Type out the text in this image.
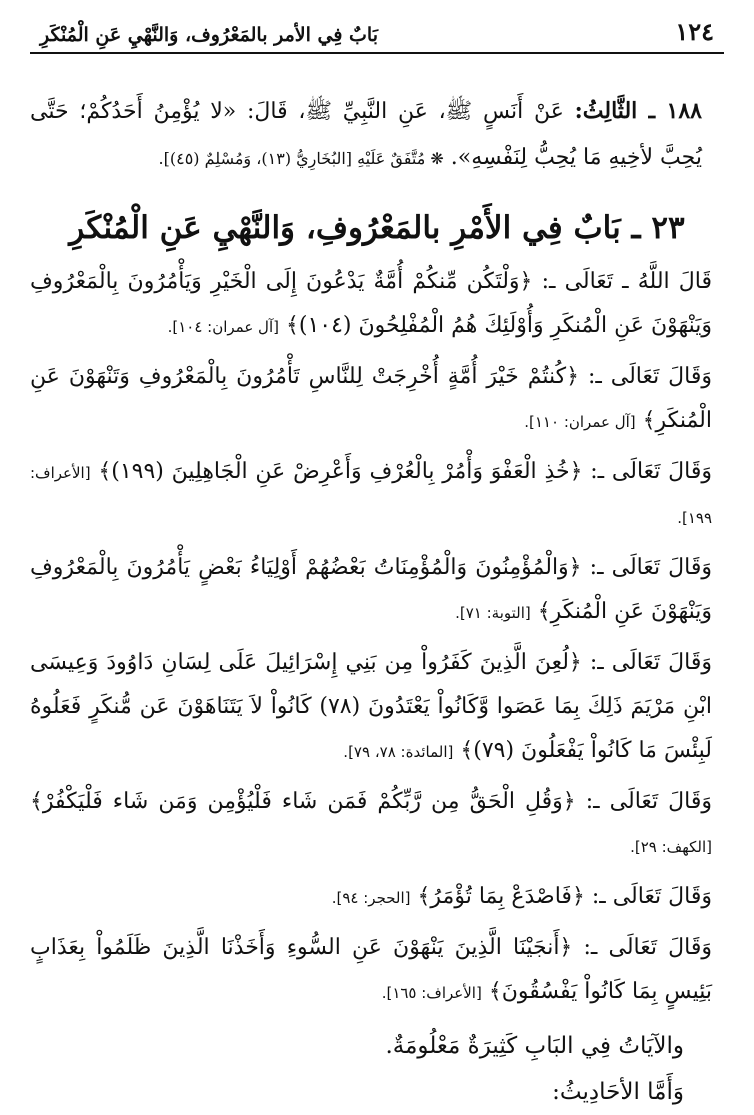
١٢٤
بَابٌ فِي الأمر بالمَعْرُوف، وَالنَّهْيِ عَنِ الْمُنْكَرِ
١٨٨ ـ الثَّالِثُ: عَنْ أَنَسٍ ﷺ، عَنِ النَّبِيِّ ﷺ، قَالَ: «لا يُؤْمِنُ أَحَدُكُمْ؛ حَتَّى يُحِبَّ لأخِيهِ مَا يُحِبُّ لِنَفْسِهِ». ❋ مُتَّفَقٌ عَلَيْهِ [البُخَارِيُّ (١٣)، وَمُسْلِمٌ (٤٥)].
٢٣ ـ بَابٌ فِي الأَمْرِ بالمَعْرُوفِ، وَالنَّهْيِ عَنِ الْمُنْكَرِ
قَالَ اللَّهُ ـ تَعَالَى ـ: ﴿وَلْتَكُن مِّنكُمْ أُمَّةٌ يَدْعُونَ إِلَى الْخَيْرِ وَيَأْمُرُونَ بِالْمَعْرُوفِ وَيَنْهَوْنَ عَنِ الْمُنكَرِ وَأُوْلَئِكَ هُمُ الْمُفْلِحُونَ (١٠٤)﴾ [آل عمران: ١٠٤].
وَقَالَ تَعَالَى ـ: ﴿كُنتُمْ خَيْرَ أُمَّةٍ أُخْرِجَتْ لِلنَّاسِ تَأْمُرُونَ بِالْمَعْرُوفِ وَتَنْهَوْنَ عَنِ الْمُنكَرِ﴾ [آل عمران: ١١٠].
وَقَالَ تَعَالَى ـ: ﴿خُذِ الْعَفْوَ وَأْمُرْ بِالْعُرْفِ وَأَعْرِضْ عَنِ الْجَاهِلِينَ (١٩٩)﴾ [الأعراف: ١٩٩].
وَقَالَ تَعَالَى ـ: ﴿وَالْمُؤْمِنُونَ وَالْمُؤْمِنَاتُ بَعْضُهُمْ أَوْلِيَاءُ بَعْضٍ يَأْمُرُونَ بِالْمَعْرُوفِ وَيَنْهَوْنَ عَنِ الْمُنكَرِ﴾ [التوبة: ٧١].
وَقَالَ تَعَالَى ـ: ﴿لُعِنَ الَّذِينَ كَفَرُواْ مِن بَنِي إِسْرَائِيلَ عَلَى لِسَانِ دَاوُودَ وَعِيسَى ابْنِ مَرْيَمَ ذَلِكَ بِمَا عَصَوا وَّكَانُواْ يَعْتَدُونَ (٧٨) كَانُواْ لاَ يَتَنَاهَوْنَ عَن مُّنكَرٍ فَعَلُوهُ لَبِئْسَ مَا كَانُواْ يَفْعَلُونَ (٧٩)﴾ [المائدة: ٧٨، ٧٩].
وَقَالَ تَعَالَى ـ: ﴿وَقُلِ الْحَقُّ مِن رَّبِّكُمْ فَمَن شَاء فَلْيُؤْمِن وَمَن شَاء فَلْيَكْفُرْ﴾ [الكهف: ٢٩].
وَقَالَ تَعَالَى ـ: ﴿فَاصْدَعْ بِمَا تُؤْمَرُ﴾ [الحجر: ٩٤].
وَقَالَ تَعَالَى ـ: ﴿أَنجَيْنَا الَّذِينَ يَنْهَوْنَ عَنِ السُّوءِ وَأَخَذْنَا الَّذِينَ ظَلَمُواْ بِعَذَابٍ بَئِيسٍ بِمَا كَانُواْ يَفْسُقُونَ﴾ [الأعراف: ١٦٥].
والآيَاتُ فِي البَابِ كَثِيرَةٌ مَعْلُومَةٌ.
وَأَمَّا الأحَادِيثُ:
